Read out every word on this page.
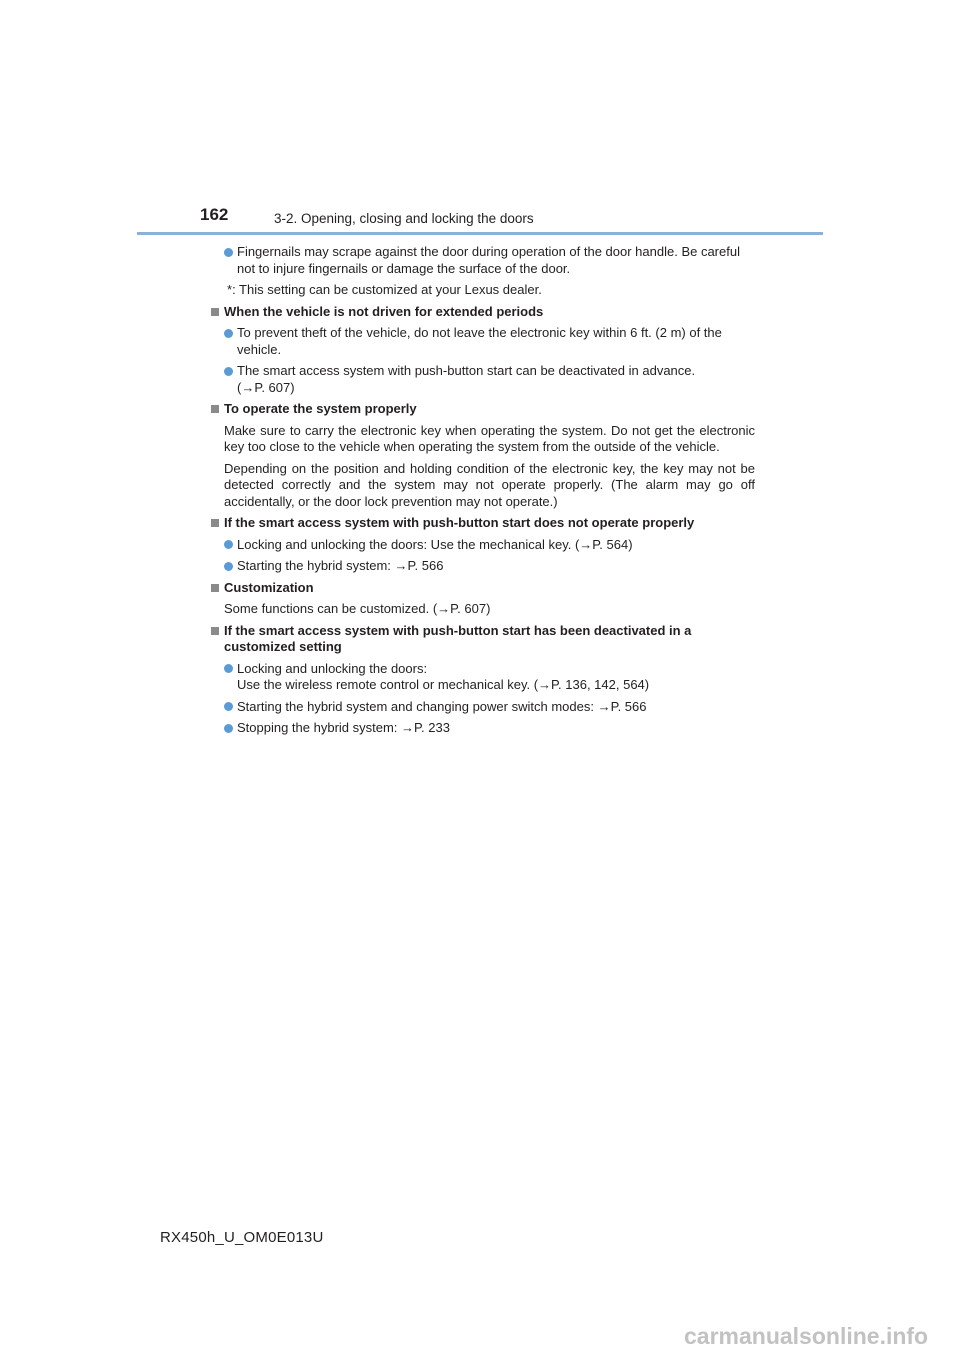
162	3-2. Opening, closing and locking the doors
Fingernails may scrape against the door during operation of the door handle. Be careful not to injure fingernails or damage the surface of the door.
*: This setting can be customized at your Lexus dealer.
When the vehicle is not driven for extended periods
To prevent theft of the vehicle, do not leave the electronic key within 6 ft. (2 m) of the vehicle.
The smart access system with push-button start can be deactivated in advance.
(→P. 607)
To operate the system properly
Make sure to carry the electronic key when operating the system. Do not get the electronic key too close to the vehicle when operating the system from the outside of the vehicle.
Depending on the position and holding condition of the electronic key, the key may not be detected correctly and the system may not operate properly. (The alarm may go off accidentally, or the door lock prevention may not operate.)
If the smart access system with push-button start does not operate properly
Locking and unlocking the doors: Use the mechanical key. (→P. 564)
Starting the hybrid system: →P. 566
Customization
Some functions can be customized. (→P. 607)
If the smart access system with push-button start has been deactivated in a customized setting
Locking and unlocking the doors:
Use the wireless remote control or mechanical key. (→P. 136, 142, 564)
Starting the hybrid system and changing power switch modes: →P. 566
Stopping the hybrid system: →P. 233
RX450h_U_OM0E013U
carmanualsonline.info
